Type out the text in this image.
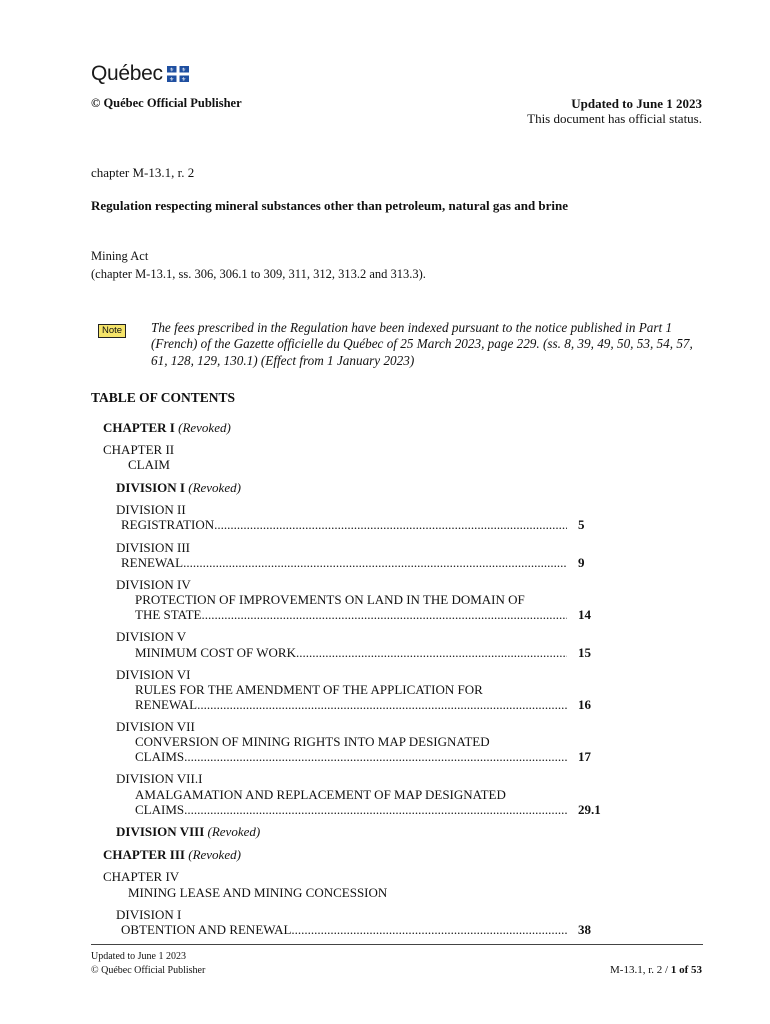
Québec ⚜ ⚜
⚜ ⚜
© Québec Official Publisher	Updated to June 1 2023
This document has official status.
chapter M-13.1, r. 2
Regulation respecting mineral substances other than petroleum, natural gas and brine
Mining Act
(chapter M-13.1, ss. 306, 306.1 to 309, 311, 312, 313.2 and 313.3).
Note	The fees prescribed in the Regulation have been indexed pursuant to the notice published in Part 1 (French) of the Gazette officielle du Québec of 25 March 2023, page 229. (ss. 8, 39, 49, 50, 53, 54, 57, 61, 128, 129, 130.1) (Effect from 1 January 2023)
TABLE OF CONTENTS
CHAPTER I (Revoked)
CHAPTER II
CLAIM
DIVISION I (Revoked)
DIVISION II
REGISTRATION .....	5
DIVISION III
RENEWAL .....	9
DIVISION IV
PROTECTION OF IMPROVEMENTS ON LAND IN THE DOMAIN OF
THE STATE .....	14
DIVISION V
MINIMUM COST OF WORK .....	15
DIVISION VI
RULES FOR THE AMENDMENT OF THE APPLICATION FOR
RENEWAL .....	16
DIVISION VII
CONVERSION OF MINING RIGHTS INTO MAP DESIGNATED
CLAIMS .....	17
DIVISION VII.I
AMALGAMATION AND REPLACEMENT OF MAP DESIGNATED
CLAIMS .....	29.1
DIVISION VIII (Revoked)
CHAPTER III (Revoked)
CHAPTER IV
MINING LEASE AND MINING CONCESSION
DIVISION I
OBTENTION AND RENEWAL .....	38
Updated to June 1 2023
© Québec Official Publisher	M-13.1, r. 2 / 1 of 53
